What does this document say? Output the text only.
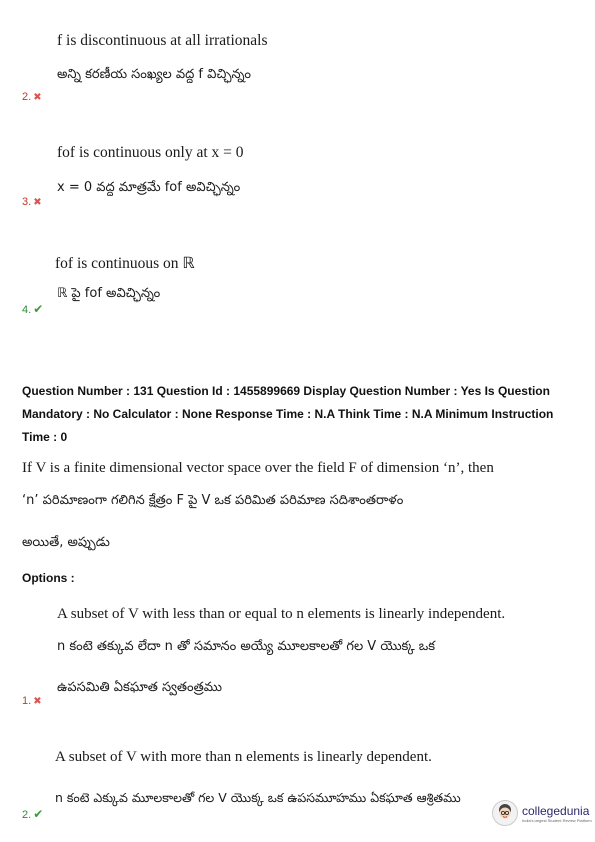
f is discontinuous at all irrationals
అన్ని కరణీయ సంఖ్యల వద్ద f విచ్ఛిన్నం
2. ✖
fof is continuous only at x = 0
x = 0 వద్ద మాత్రమే fof అవిచ్ఛిన్నం
3. ✖
fof is continuous on ℝ
ℝ పై fof అవిచ్ఛిన్నం
4. ✔
Question Number : 131 Question Id : 1455899669 Display Question Number : Yes Is Question
Mandatory : No Calculator : None Response Time : N.A Think Time : N.A Minimum Instruction
Time : 0
If V is a finite dimensional vector space over the field F of dimension ‘n’, then
‘n’ పరిమాణంగా గలిగిన క్షేత్రం F పై V ఒక పరిమిత పరిమాణ సదిశాంతరాళం
అయితే, అప్పుడు
Options :
A subset of V with less than or equal to n elements is linearly independent.
n కంటె తక్కువ లేదా n తో సమానం అయ్యే మూలకాలతో గల V యొక్క ఒక
ఉపసమితి ఏకఘాత స్వతంత్రము
1. ✖
A subset of V with more than n elements is linearly dependent.
n కంటె ఎక్కువ మూలకాలతో గల V యొక్క ఒక ఉపసమూహము ఏకఘాత ఆశ్రితము
2. ✔	collegedunia
India's largest Student Review Platform
